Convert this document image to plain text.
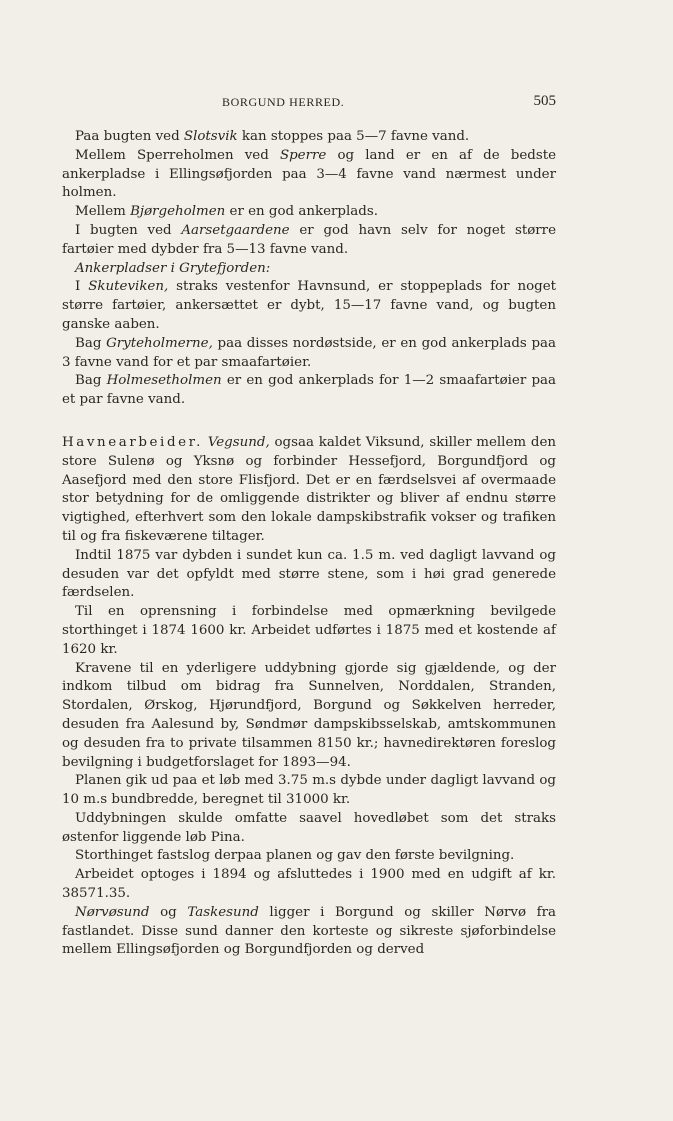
BORGUND HERRED.	505

Paa bugten ved Slotsvik kan stoppes paa 5—7 favne vand.

Mellem Sperreholmen ved Sperre og land er en af de bedste ankerpladse i Ellingsøfjorden paa 3—4 favne vand nærmest under holmen.

Mellem Bjørgeholmen er en god ankerplads.

I bugten ved Aarsetgaardene er god havn selv for noget større fartøier med dybder fra 5—13 favne vand.

Ankerpladser i Grytefjorden:

I Skuteviken, straks vestenfor Havnsund, er stoppeplads for noget større fartøier, ankersættet er dybt, 15—17 favne vand, og bugten ganske aaben.

Bag Gryteholmerne, paa disses nordøstside, er en god ankerplads paa 3 favne vand for et par smaafartøier.

Bag Holmesetholmen er en god ankerplads for 1—2 smaafartøier paa et par favne vand.

Havnearbeider. Vegsund, ogsaa kaldet Viksund, skiller mellem den store Sulenø og Yksnø og forbinder Hessefjord, Borgundfjord og Aasefjord med den store Flisfjord. Det er en færdselsvei af overmaade stor betydning for de omliggende distrikter og bliver af endnu større vigtighed, efterhvert som den lokale dampskibstrafik vokser og trafiken til og fra fiskeværene tiltager.

Indtil 1875 var dybden i sundet kun ca. 1.5 m. ved dagligt lavvand og desuden var det opfyldt med større stene, som i høi grad generede færdselen.

Til en oprensning i forbindelse med opmærkning bevilgede storthinget i 1874 1600 kr. Arbeidet udførtes i 1875 med et kostende af 1620 kr.

Kravene til en yderligere uddybning gjorde sig gjældende, og der indkom tilbud om bidrag fra Sunnelven, Norddalen, Stranden, Stordalen, Ørskog, Hjørundfjord, Borgund og Søkkelven herreder, desuden fra Aalesund by, Søndmør dampskibsselskab, amtskommunen og desuden fra to private tilsammen 8150 kr.; havnedirektøren foreslog bevilgning i budgetforslaget for 1893—94.

Planen gik ud paa et løb med 3.75 m.s dybde under dagligt lavvand og 10 m.s bundbredde, beregnet til 31000 kr.

Uddybningen skulde omfatte saavel hovedløbet som det straks østenfor liggende løb Pina.

Storthinget fastslog derpaa planen og gav den første bevilgning.

Arbeidet optoges i 1894 og afsluttedes i 1900 med en udgift af kr. 38571.35.

Nørvøsund og Taskesund ligger i Borgund og skiller Nørvø fra fastlandet. Disse sund danner den korteste og sikreste sjøforbindelse mellem Ellingsøfjorden og Borgundfjorden og derved
